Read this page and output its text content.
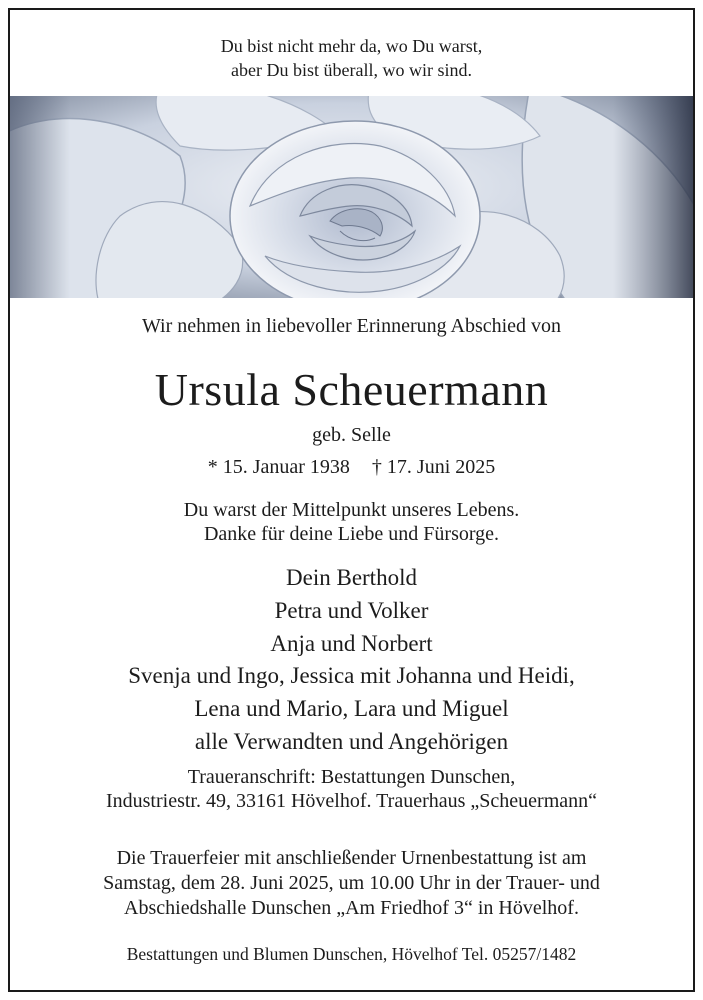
Du bist nicht mehr da, wo Du warst,
aber Du bist überall, wo wir sind.
Wir nehmen in liebevoller Erinnerung Abschied von
Ursula Scheuermann
geb. Selle
* 15. Januar 1938 † 17. Juni 2025
Du warst der Mittelpunkt unseres Lebens.
Danke für deine Liebe und Fürsorge.
Dein Berthold
Petra und Volker
Anja und Norbert
Svenja und Ingo, Jessica mit Johanna und Heidi,
Lena und Mario, Lara und Miguel
alle Verwandten und Angehörigen
Traueranschrift: Bestattungen Dunschen,
Industriestr. 49, 33161 Hövelhof. Trauerhaus „Scheuermann“
Die Trauerfeier mit anschließender Urnenbestattung ist am
Samstag, dem 28. Juni 2025, um 10.00 Uhr in der Trauer- und
Abschiedshalle Dunschen „Am Friedhof 3“ in Hövelhof.
Bestattungen und Blumen Dunschen, Hövelhof Tel. 05257/1482
